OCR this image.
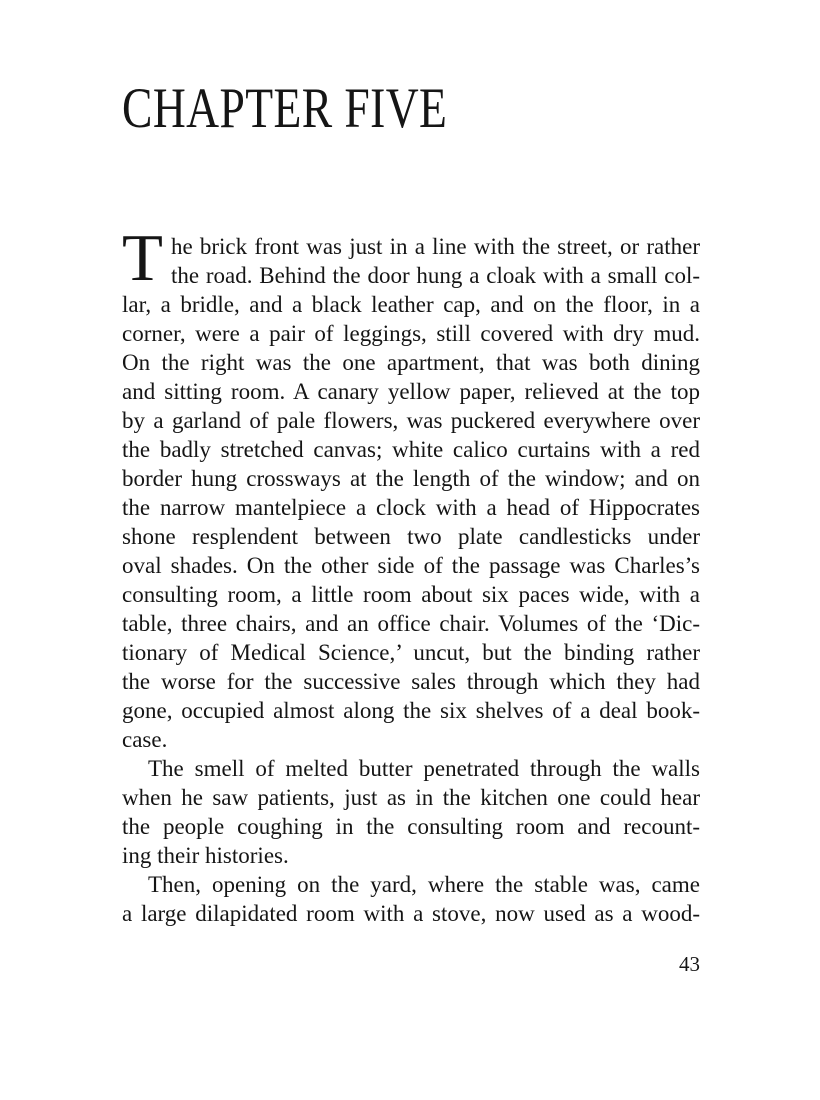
CHAPTER FIVE
T he brick front was just in a line with the street, or rather
the road. Behind the door hung a cloak with a small col-
lar, a bridle, and a black leather cap, and on the floor, in a
corner, were a pair of leggings, still covered with dry mud.
On the right was the one apartment, that was both dining
and sitting room. A canary yellow paper, relieved at the top
by a garland of pale flowers, was puckered everywhere over
the badly stretched canvas; white calico curtains with a red
border hung crossways at the length of the window; and on
the narrow mantelpiece a clock with a head of Hippocrates
shone resplendent between two plate candlesticks under
oval shades. On the other side of the passage was Charles’s
consulting room, a little room about six paces wide, with a
table, three chairs, and an office chair. Volumes of the ‘Dic-
tionary of Medical Science,’ uncut, but the binding rather
the worse for the successive sales through which they had
gone, occupied almost along the six shelves of a deal book-
case.
The smell of melted butter penetrated through the walls
when he saw patients, just as in the kitchen one could hear
the people coughing in the consulting room and recount-
ing their histories.
Then, opening on the yard, where the stable was, came
a large dilapidated room with a stove, now used as a wood-
43
